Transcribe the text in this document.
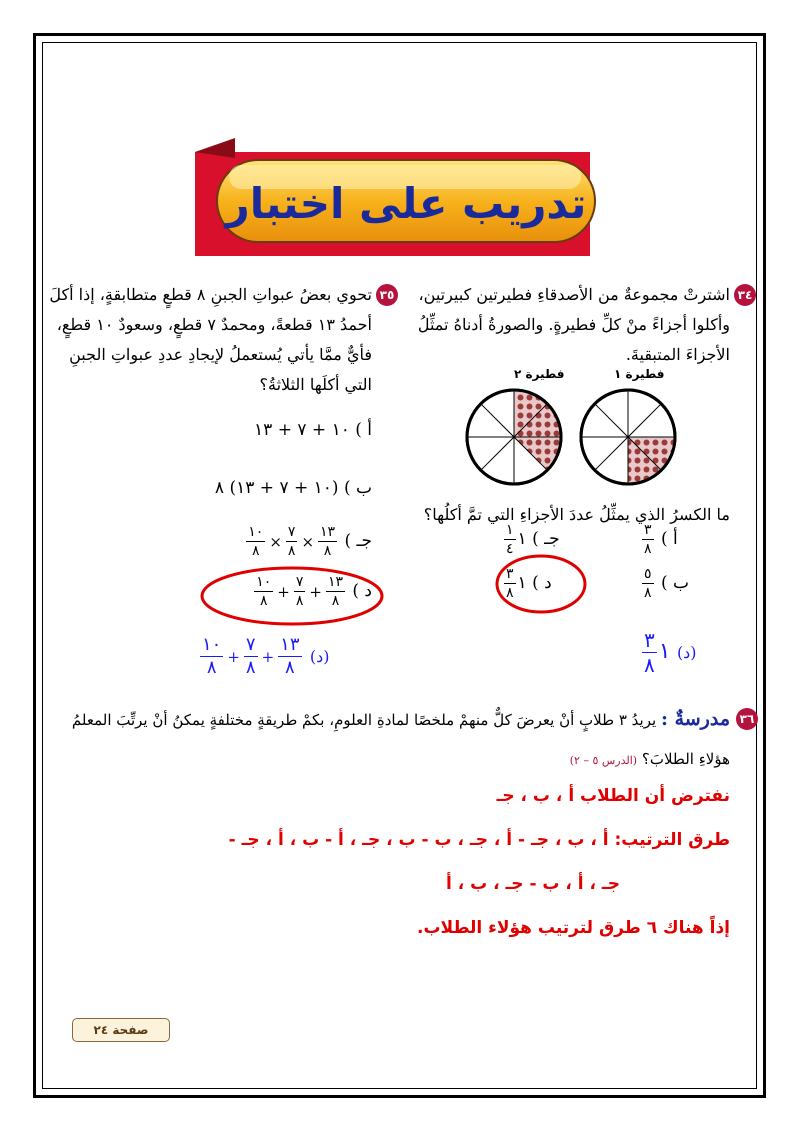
تدريب على اختبار
٣٤
اشترتْ مجموعةٌ من الأصدقاءِ فطيرتين كبيرتين،
وأكلوا أجزاءً منْ كلِّ فطيرةٍ. والصورةُ أدناهُ تمثِّلُ
الأجزاءَ المتبقيةَ.
فطيرة ١
فطيرة ٢
ما الكسرُ الذي يمثِّلُ عددَ الأجزاءِ التي تمَّ أكلُها؟
أ )
$\frac{٣}{٨}$
ب )
$\frac{٥}{٨}$
جـ ) ١
$\frac{١}{٤}$
د ) ١
$\frac{٣}{٨}$
(د) ١
$\frac{٣}{٨}$
٣٥
تحوي بعضُ عبواتِ الجبنِ ٨ قطعٍ متطابقةٍ، إذا أكلَ
أحمدُ ١٣ قطعةً، ومحمدٌ ٧ قطعٍ، وسعودٌ ١٠ قطعٍ،
فأيٌّ ممَّا يأتي يُستعملُ لإيجادِ عددِ عبواتِ الجبنِ
التي أكلَها الثلاثةُ؟
أ ) ١٠ + ٧ + ١٣
ب ) (١٠ + ٧ + ١٣) ٨
جـ )
$\frac{١٣}{٨}$
×
$\frac{٧}{٨}$
×
$\frac{١٠}{٨}$
د )
$\frac{١٣}{٨}$
+
$\frac{٧}{٨}$
+
$\frac{١٠}{٨}$
(د)
$\frac{١٣}{٨}$
+
$\frac{٧}{٨}$
+
$\frac{١٠}{٨}$
٣٦
مدرسةٌ : يريدُ ٣ طلابٍ أنْ يعرضَ كلٌّ منهمْ ملخصًا لمادةِ العلومِ، بكمْ طريقةٍ مختلفةٍ يمكنُ أنْ يرتِّبَ المعلمُ
هؤلاءِ الطلابَ؟ (الدرس ٥ – ٢)
نفترض أن الطلاب أ ، ب ، جـ
طرق الترتيب: أ ، ب ، جـ - أ ، جـ ، ب - ب ، جـ ، أ - ب ، أ ، جـ -
جـ ، أ ، ب - جـ ، ب ، أ
إذاً هناك ٦ طرق لترتيب هؤلاء الطلاب.
صفحة ٢٤
